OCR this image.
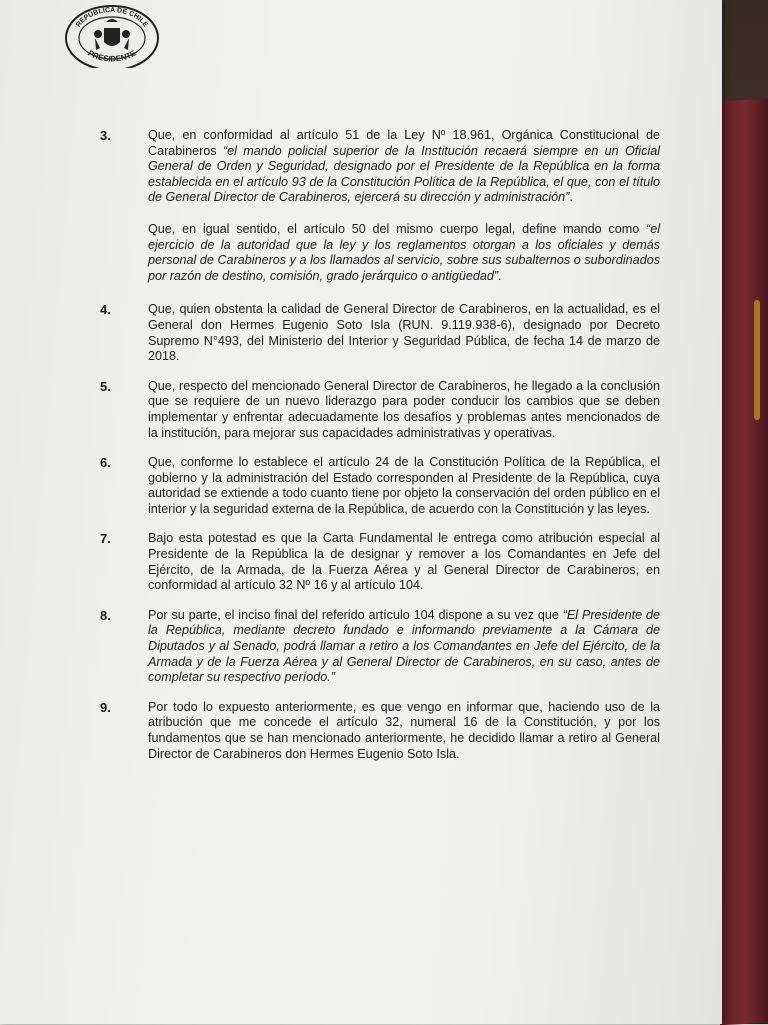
REPÚBLICA DE CHILE
PRESIDENTE
3.	Que, en conformidad al artículo 51 de la Ley Nº 18.961, Orgánica Constitucional de Carabineros “el mando policial superior de la Institución recaerá siempre en un Oficial General de Orden y Seguridad, designado por el Presidente de la República en la forma establecida en el artículo 93 de la Constitución Política de la República, el que, con el título de General Director de Carabineros, ejercerá su dirección y administración”.

Que, en igual sentido, el artículo 50 del mismo cuerpo legal, define mando como “el ejercicio de la autoridad que la ley y los reglamentos otorgan a los oficiales y demás personal de Carabineros y a los llamados al servicio, sobre sus subalternos o subordinados por razón de destino, comisión, grado jerárquico o antigüedad”.

4.	Que, quien obstenta la calidad de General Director de Carabineros, en la actualidad, es el General don Hermes Eugenio Soto Isla (RUN. 9.119.938-6), designado por Decreto Supremo N°493, del Ministerio del Interior y Seguridad Pública, de fecha 14 de marzo de 2018.

5.	Que, respecto del mencionado General Director de Carabineros, he llegado a la conclusión que se requiere de un nuevo liderazgo para poder conducir los cambios que se deben implementar y enfrentar adecuadamente los desafíos y problemas antes mencionados de la institución, para mejorar sus capacidades administrativas y operativas.

6.	Que, conforme lo establece el artículo 24 de la Constitución Política de la República, el gobierno y la administración del Estado corresponden al Presidente de la República, cuya autoridad se extiende a todo cuanto tiene por objeto la conservación del orden público en el interior y la seguridad externa de la República, de acuerdo con la Constitución y las leyes.

7.	Bajo esta potestad es que la Carta Fundamental le entrega como atribución especial al Presidente de la República la de designar y remover a los Comandantes en Jefe del Ejército, de la Armada, de la Fuerza Aérea y al General Director de Carabineros, en conformidad al artículo 32 Nº 16 y al artículo 104.

8.	Por su parte, el inciso final del referido artículo 104 dispone a su vez que “El Presidente de la República, mediante decreto fundado e informando previamente a la Cámara de Diputados y al Senado, podrá llamar a retiro a los Comandantes en Jefe del Ejército, de la Armada y de la Fuerza Aérea y al General Director de Carabineros, en su caso, antes de completar su respectivo período.”

9.	Por todo lo expuesto anteriormente, es que vengo en informar que, haciendo uso de la atribución que me concede el artículo 32, numeral 16 de la Constitución, y por los fundamentos que se han mencionado anteriormente, he decidido llamar a retiro al General Director de Carabineros don Hermes Eugenio Soto Isla.
